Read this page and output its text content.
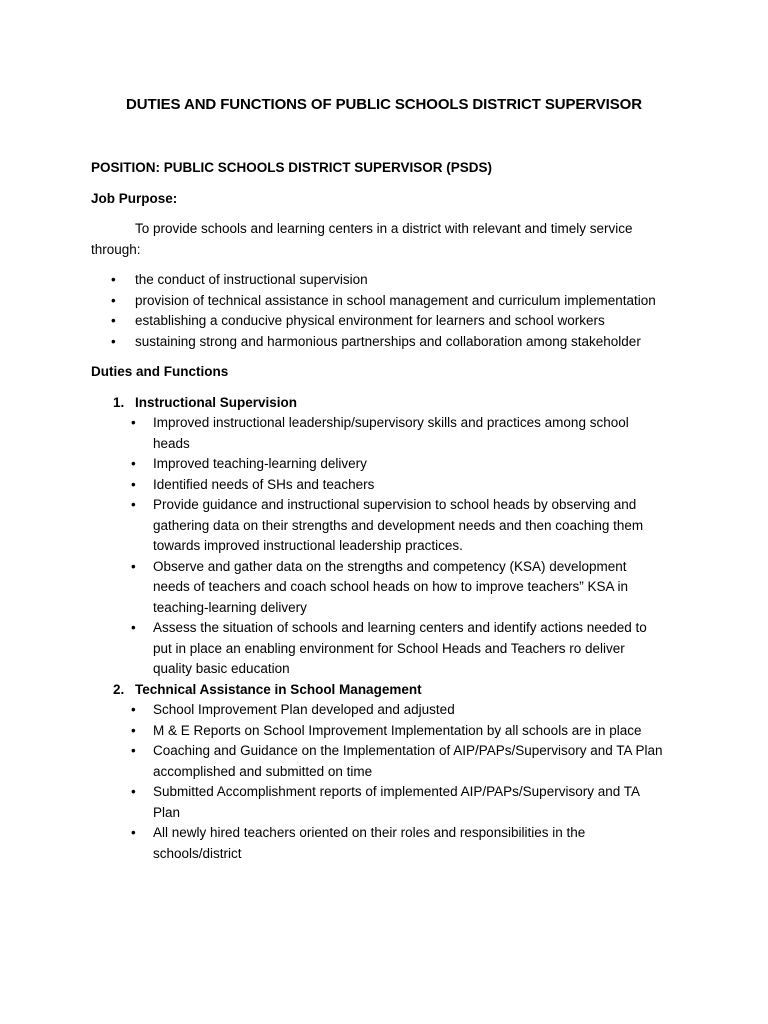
DUTIES AND FUNCTIONS OF PUBLIC SCHOOLS DISTRICT SUPERVISOR

POSITION: PUBLIC SCHOOLS DISTRICT SUPERVISOR (PSDS)

Job Purpose:

To provide schools and learning centers in a district with relevant and timely service through:

• the conduct of instructional supervision
• provision of technical assistance in school management and curriculum implementation
• establishing a conducive physical environment for learners and school workers
• sustaining strong and harmonious partnerships and collaboration among stakeholder

Duties and Functions

1. Instructional Supervision
• Improved instructional leadership/supervisory skills and practices among school heads
• Improved teaching-learning delivery
• Identified needs of SHs and teachers
• Provide guidance and instructional supervision to school heads by observing and gathering data on their strengths and development needs and then coaching them towards improved instructional leadership practices.
• Observe and gather data on the strengths and competency (KSA) development needs of teachers and coach school heads on how to improve teachers” KSA in teaching-learning delivery
• Assess the situation of schools and learning centers and identify actions needed to put in place an enabling environment for School Heads and Teachers ro deliver quality basic education
2. Technical Assistance in School Management
• School Improvement Plan developed and adjusted
• M & E Reports on School Improvement Implementation by all schools are in place
• Coaching and Guidance on the Implementation of AIP/PAPs/Supervisory and TA Plan accomplished and submitted on time
• Submitted Accomplishment reports of implemented AIP/PAPs/Supervisory and TA Plan
• All newly hired teachers oriented on their roles and responsibilities in the schools/district
